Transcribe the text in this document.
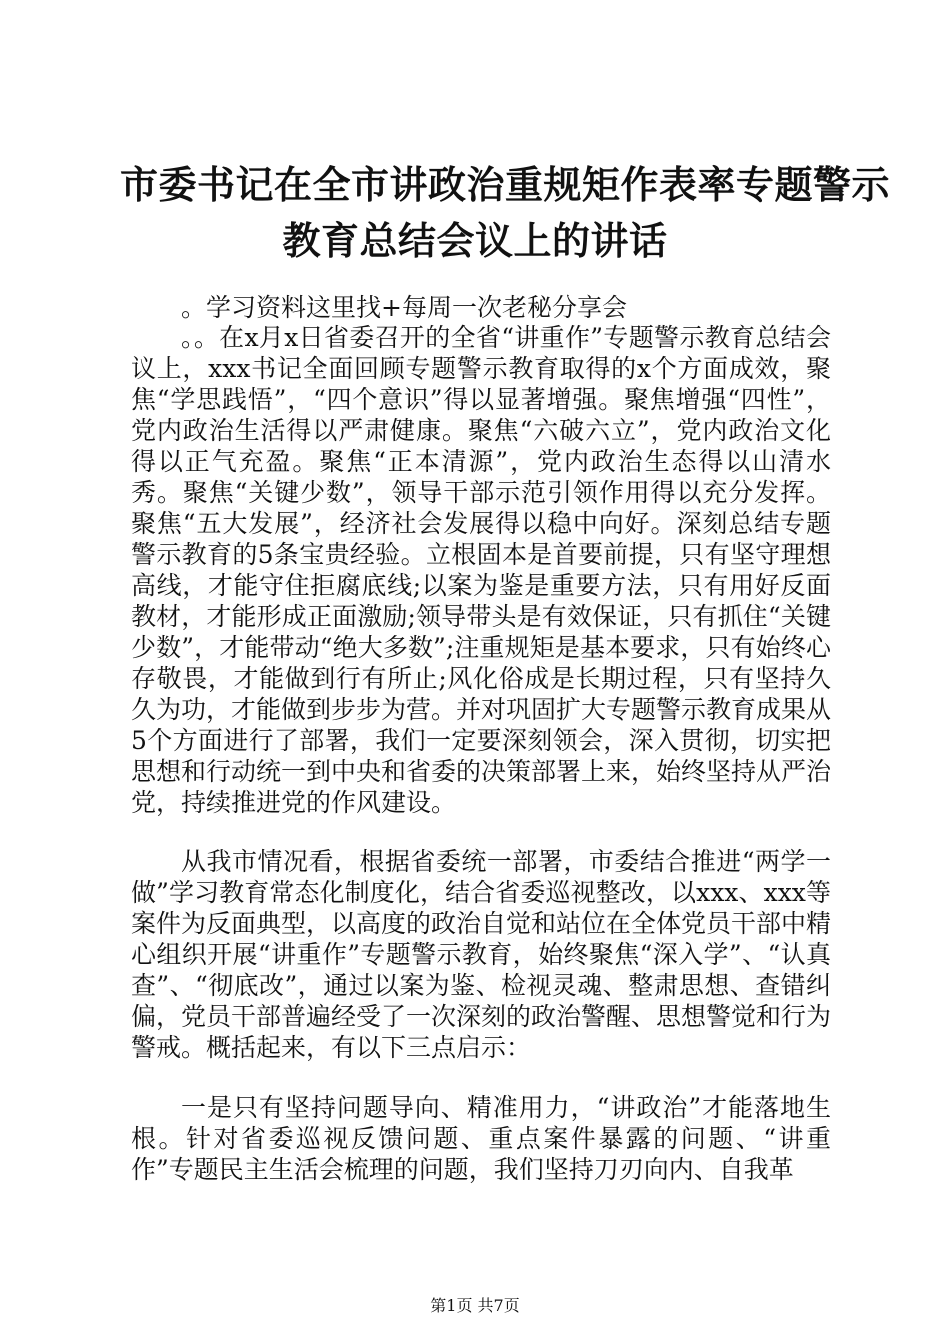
市委书记在全市讲政治重规矩作表率专题警示
教育总结会议上的讲话
。学习资料这里找+每周一次老秘分享会
。。在x月x日省委召开的全省“讲重作”专题警示教育总结会议上，xxx书记全面回顾专题警示教育取得的x个方面成效，聚焦“学思践悟”，“四个意识”得以显著增强。聚焦增强“四性”，党内政治生活得以严肃健康。聚焦“六破六立”，党内政治文化得以正气充盈。聚焦“正本清源”，党内政治生态得以山清水秀。聚焦“关键少数”，领导干部示范引领作用得以充分发挥。聚焦“五大发展”，经济社会发展得以稳中向好。深刻总结专题警示教育的5条宝贵经验。立根固本是首要前提，只有坚守理想高线，才能守住拒腐底线;以案为鉴是重要方法，只有用好反面教材，才能形成正面激励;领导带头是有效保证，只有抓住“关键少数”，才能带动“绝大多数”;注重规矩是基本要求，只有始终心存敬畏，才能做到行有所止;风化俗成是长期过程，只有坚持久久为功，才能做到步步为营。并对巩固扩大专题警示教育成果从5个方面进行了部署，我们一定要深刻领会，深入贯彻，切实把思想和行动统一到中央和省委的决策部署上来，始终坚持从严治党，持续推进党的作风建设。
从我市情况看，根据省委统一部署，市委结合推进“两学一做”学习教育常态化制度化，结合省委巡视整改，以xxx、xxx等案件为反面典型，以高度的政治自觉和站位在全体党员干部中精心组织开展“讲重作”专题警示教育，始终聚焦“深入学”、“认真查”、“彻底改”，通过以案为鉴、检视灵魂、整肃思想、查错纠偏，党员干部普遍经受了一次深刻的政治警醒、思想警觉和行为警戒。概括起来，有以下三点启示：
一是只有坚持问题导向、精准用力，“讲政治”才能落地生根。针对省委巡视反馈问题、重点案件暴露的问题、“讲重作”专题民主生活会梳理的问题，我们坚持刀刃向内、自我革
第1页 共7页
